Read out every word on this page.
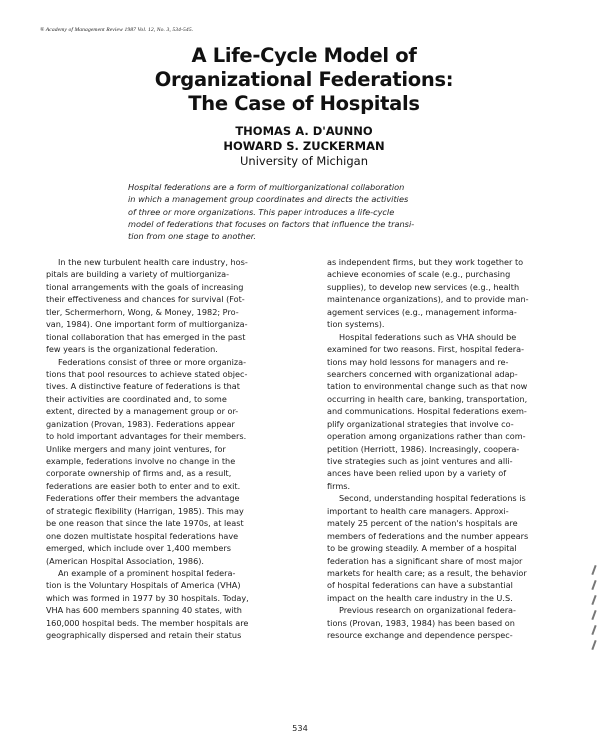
® Academy of Management Review 1987 Vol. 12, No. 3, 534-545.
A Life-Cycle Model of
Organizational Federations:
The Case of Hospitals
THOMAS A. D'AUNNO
HOWARD S. ZUCKERMAN
University of Michigan
Hospital federations are a form of multiorganizational collaboration
in which a management group coordinates and directs the activities
of three or more organizations. This paper introduces a life-cycle
model of federations that focuses on factors that influence the transi-
tion from one stage to another.
In the new turbulent health care industry, hos-
pitals are building a variety of multiorganiza-
tional arrangements with the goals of increasing
their effectiveness and chances for survival (Fot-
tler, Schermerhorn, Wong, & Money, 1982; Pro-
van, 1984). One important form of multiorganiza-
tional collaboration that has emerged in the past
few years is the organizational federation.
Federations consist of three or more organiza-
tions that pool resources to achieve stated objec-
tives. A distinctive feature of federations is that
their activities are coordinated and, to some
extent, directed by a management group or or-
ganization (Provan, 1983). Federations appear
to hold important advantages for their members.
Unlike mergers and many joint ventures, for
example, federations involve no change in the
corporate ownership of firms and, as a result,
federations are easier both to enter and to exit.
Federations offer their members the advantage
of strategic flexibility (Harrigan, 1985). This may
be one reason that since the late 1970s, at least
one dozen multistate hospital federations have
emerged, which include over 1,400 members
(American Hospital Association, 1986).
An example of a prominent hospital federa-
tion is the Voluntary Hospitals of America (VHA)
which was formed in 1977 by 30 hospitals. Today,
VHA has 600 members spanning 40 states, with
160,000 hospital beds. The member hospitals are
geographically dispersed and retain their status
as independent firms, but they work together to
achieve economies of scale (e.g., purchasing
supplies), to develop new services (e.g., health
maintenance organizations), and to provide man-
agement services (e.g., management informa-
tion systems).
Hospital federations such as VHA should be
examined for two reasons. First, hospital federa-
tions may hold lessons for managers and re-
searchers concerned with organizational adap-
tation to environmental change such as that now
occurring in health care, banking, transportation,
and communications. Hospital federations exem-
plify organizational strategies that involve co-
operation among organizations rather than com-
petition (Herriott, 1986). Increasingly, coopera-
tive strategies such as joint ventures and alli-
ances have been relied upon by a variety of
firms.
Second, understanding hospital federations is
important to health care managers. Approxi-
mately 25 percent of the nation's hospitals are
members of federations and the number appears
to be growing steadily. A member of a hospital
federation has a significant share of most major
markets for health care; as a result, the behavior
of hospital federations can have a substantial
impact on the health care industry in the U.S.
Previous research on organizational federa-
tions (Provan, 1983, 1984) has been based on
resource exchange and dependence perspec-
534
